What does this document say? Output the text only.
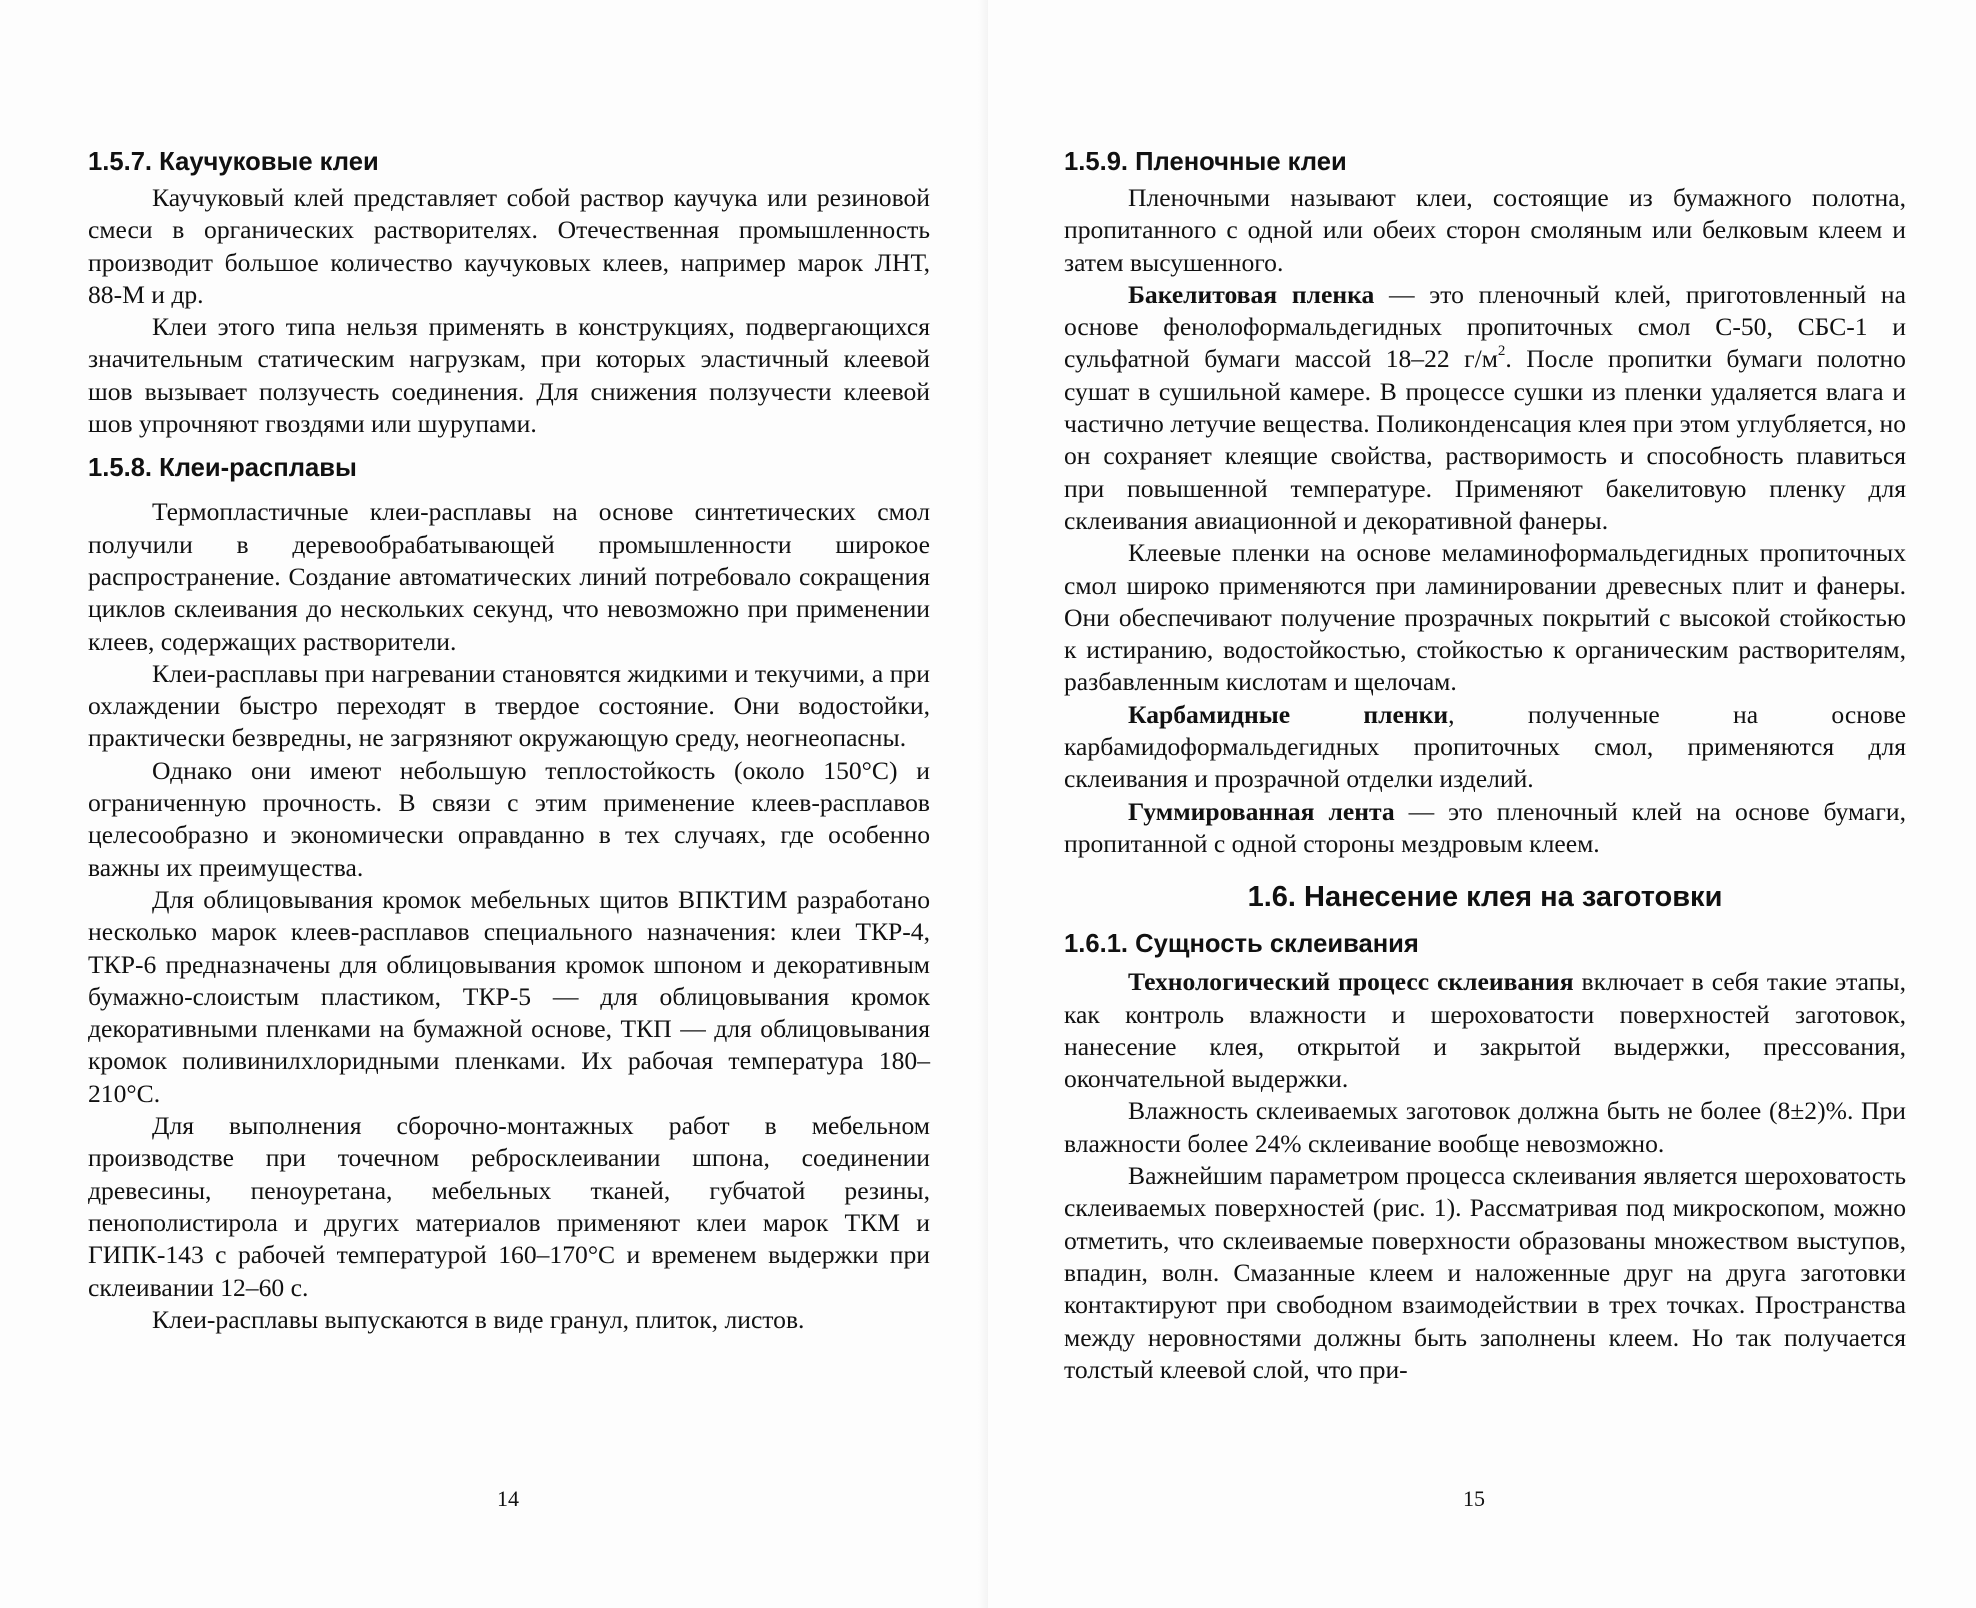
1.5.7. Каучуковые клеи

Каучуковый клей представляет собой раствор каучука или резиновой смеси в органических растворителях. Отечественная промышленность производит большое количество каучуковых клеев, например марок ЛНТ, 88-М и др.

Клеи этого типа нельзя применять в конструкциях, подвергающихся значительным статическим нагрузкам, при которых эластичный клеевой шов вызывает ползучесть соединения. Для снижения ползучести клеевой шов упрочняют гвоздями или шурупами.

1.5.8. Клеи-расплавы

Термопластичные клеи-расплавы на основе синтетических смол получили в деревообрабатывающей промышленности широкое распространение. Создание автоматических линий потребовало сокращения циклов склеивания до нескольких секунд, что невозможно при применении клеев, содержащих растворители.

Клеи-расплавы при нагревании становятся жидкими и текучими, а при охлаждении быстро переходят в твердое состояние. Они водостойки, практически безвредны, не загрязняют окружающую среду, неогнеопасны.

Однако они имеют небольшую теплостойкость (около 150°С) и ограниченную прочность. В связи с этим применение клеев-расплавов целесообразно и экономически оправданно в тех случаях, где особенно важны их преимущества.

Для облицовывания кромок мебельных щитов ВПКТИМ разработано несколько марок клеев-расплавов специального назначения: клеи ТКР-4, ТКР-6 предназначены для облицовывания кромок шпоном и декоративным бумажно-слоистым пластиком, ТКР-5 — для облицовывания кромок декоративными пленками на бумажной основе, ТКП — для облицовывания кромок поливинилхлоридными пленками. Их рабочая температура 180–210°С.

Для выполнения сборочно-монтажных работ в мебельном производстве при точечном ребросклеивании шпона, соединении древесины, пеноуретана, мебельных тканей, губчатой резины, пенополистирола и других материалов применяют клеи марок ТКМ и ГИПК-143 с рабочей температурой 160–170°С и временем выдержки при склеивании 12–60 с.

Клеи-расплавы выпускаются в виде гранул, плиток, листов.

14
1.5.9. Пленочные клеи

Пленочными называют клеи, состоящие из бумажного полотна, пропитанного с одной или обеих сторон смоляным или белковым клеем и затем высушенного.

Бакелитовая пленка — это пленочный клей, приготовленный на основе фенолоформальдегидных пропиточных смол С-50, СБС-1 и сульфатной бумаги массой 18–22 $г/м^2$. После пропитки бумаги полотно сушат в сушильной камере. В процессе сушки из пленки удаляется влага и частично летучие вещества. Поликонденсация клея при этом углубляется, но он сохраняет клеящие свойства, растворимость и способность плавиться при повышенной температуре. Применяют бакелитовую пленку для склеивания авиационной и декоративной фанеры.

Клеевые пленки на основе меламиноформальдегидных пропиточных смол широко применяются при ламинировании древесных плит и фанеры. Они обеспечивают получение прозрачных покрытий с высокой стойкостью к истиранию, водостойкостью, стойкостью к органическим растворителям, разбавленным кислотам и щелочам.

Карбамидные пленки, полученные на основе карбамидоформальдегидных пропиточных смол, применяются для склеивания и прозрачной отделки изделий.

Гуммированная лента — это пленочный клей на основе бумаги, пропитанной с одной стороны мездровым клеем.

1.6. Нанесение клея на заготовки
1.6.1. Сущность склеивания

Технологический процесс склеивания включает в себя такие этапы, как контроль влажности и шероховатости поверхностей заготовок, нанесение клея, открытой и закрытой выдержки, прессования, окончательной выдержки.

Влажность склеиваемых заготовок должна быть не более (8±2)%. При влажности более 24% склеивание вообще невозможно.

Важнейшим параметром процесса склеивания является шероховатость склеиваемых поверхностей (рис. 1). Рассматривая под микроскопом, можно отметить, что склеиваемые поверхности образованы множеством выступов, впадин, волн. Смазанные клеем и наложенные друг на друга заготовки контактируют при свободном взаимодействии в трех точках. Пространства между неровностями должны быть заполнены клеем. Но так получается толстый клеевой слой, что при-

15
